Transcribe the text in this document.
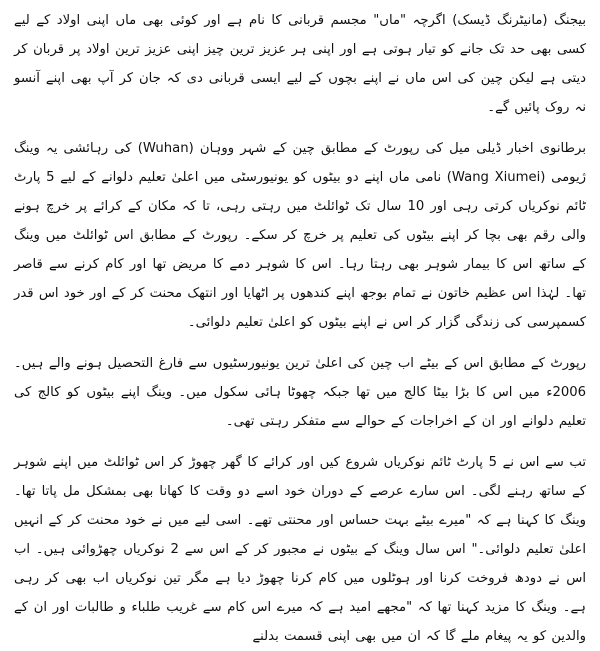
بیجنگ (مانیٹرنگ ڈیسک) اگرچہ "ماں" مجسم قربانی کا نام ہے اور کوئی بھی ماں اپنی اولاد کے لیے کسی بھی حد تک جانے کو تیار ہوتی ہے اور اپنی ہر عزیز ترین چیز اپنی عزیز ترین اولاد پر قربان کر دیتی ہے لیکن چین کی اس ماں نے اپنے بچوں کے لیے ایسی قربانی دی کہ جان کر آپ بھی اپنے آنسو نہ روک پائیں گے۔

برطانوی اخبار ڈیلی میل کی رپورٹ کے مطابق چین کے شہر ووہان (Wuhan) کی رہائشی یہ وینگ ژیومی (Wang Xiumei) نامی ماں اپنے دو بیٹوں کو یونیورسٹی میں اعلیٰ تعلیم دلوانے کے لیے 5 پارٹ ٹائم نوکریاں کرتی رہی اور 10 سال تک ٹوائلٹ میں رہتی رہی، تا کہ مکان کے کرائے پر خرچ ہونے والی رقم بھی بچا کر اپنے بیٹوں کی تعلیم پر خرچ کر سکے۔ رپورٹ کے مطابق اس ٹوائلٹ میں وینگ کے ساتھ اس کا بیمار شوہر بھی رہتا رہا۔ اس کا شوہر دمے کا مریض تھا اور کام کرنے سے قاصر تھا۔ لہٰذا اس عظیم خاتون نے تمام بوجھ اپنے کندھوں پر اٹھایا اور انتھک محنت کر کے اور خود اس قدر کسمپرسی کی زندگی گزار کر اس نے اپنے بیٹوں کو اعلیٰ تعلیم دلوائی۔

رپورٹ کے مطابق اس کے بیٹے اب چین کی اعلیٰ ترین یونیورسٹیوں سے فارغ التحصیل ہونے والے ہیں۔ 2006ء میں اس کا بڑا بیٹا کالج میں تھا جبکہ چھوٹا ہائی سکول میں۔ وینگ اپنے بیٹوں کو کالج کی تعلیم دلوانے اور ان کے اخراجات کے حوالے سے متفکر رہتی تھی۔

تب سے اس نے 5 پارٹ ٹائم نوکریاں شروع کیں اور کرائے کا گھر چھوڑ کر اس ٹوائلٹ میں اپنے شوہر کے ساتھ رہنے لگی۔ اس سارے عرصے کے دوران خود اسے دو وقت کا کھانا بھی بمشکل مل پاتا تھا۔ وینگ کا کہنا ہے کہ "میرے بیٹے بہت حساس اور محنتی تھے۔ اسی لیے میں نے خود محنت کر کے انہیں اعلیٰ تعلیم دلوائی۔" اس سال وینگ کے بیٹوں نے مجبور کر کے اس سے 2 نوکریاں چھڑوائی ہیں۔ اب اس نے دودھ فروخت کرنا اور ہوٹلوں میں کام کرنا چھوڑ دیا ہے مگر تین نوکریاں اب بھی کر رہی ہے۔ وینگ کا مزید کہنا تھا کہ "مجھے امید ہے کہ میرے اس کام سے غریب طلباء و طالبات اور ان کے والدین کو یہ پیغام ملے گا کہ ان میں بھی اپنی قسمت بدلنے
